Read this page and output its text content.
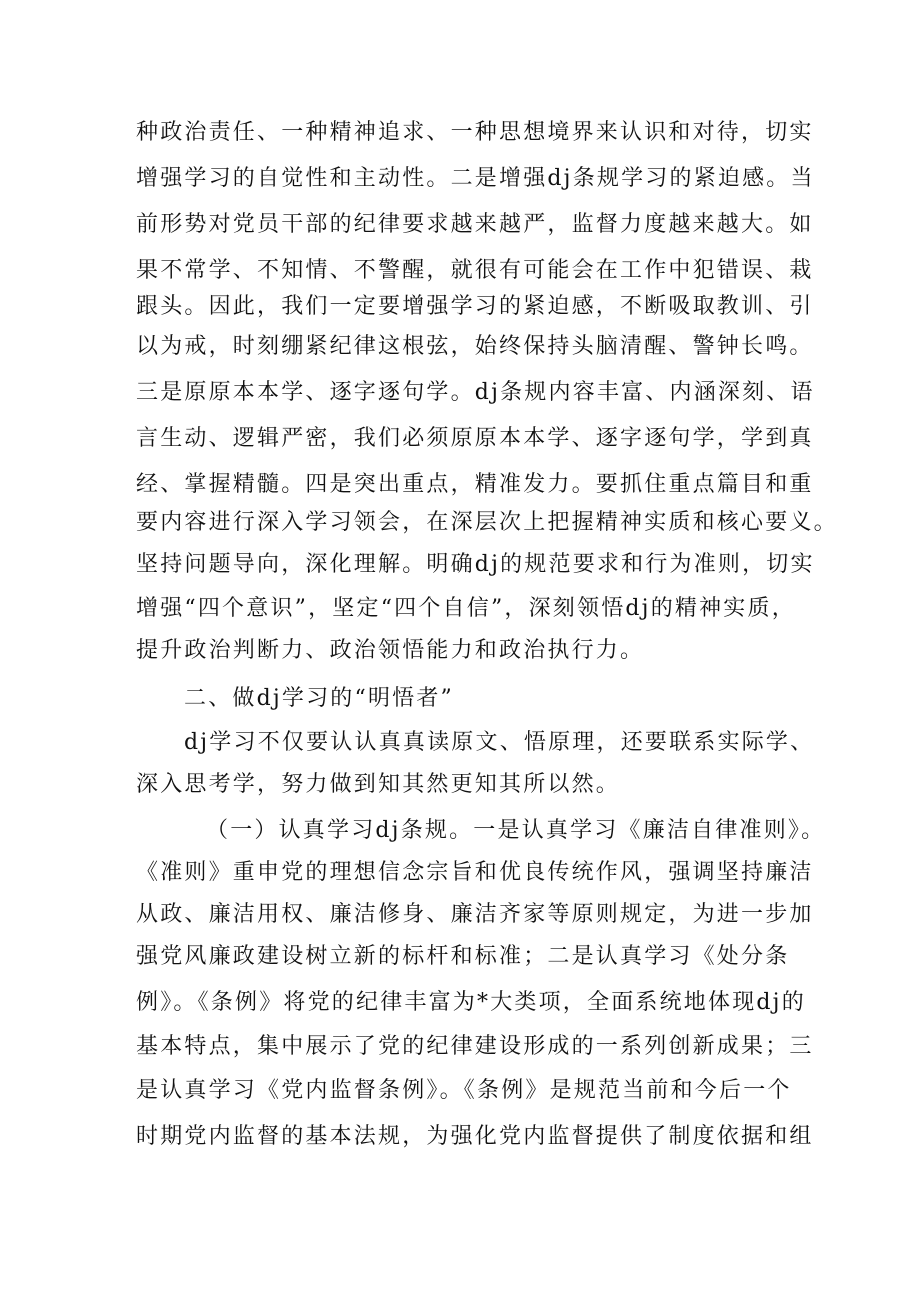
种政治责任、一种精神追求、一种思想境界来认识和对待，切实
增强学习的自觉性和主动性。二是增强dj条规学习的紧迫感。当
前形势对党员干部的纪律要求越来越严，监督力度越来越大。如
果不常学、不知情、不警醒，就很有可能会在工作中犯错误、栽
跟头。因此，我们一定要增强学习的紧迫感，不断吸取教训、引
以为戒，时刻绷紧纪律这根弦，始终保持头脑清醒、警钟长鸣。
三是原原本本学、逐字逐句学。dj条规内容丰富、内涵深刻、语
言生动、逻辑严密，我们必须原原本本学、逐字逐句学，学到真
经、掌握精髓。四是突出重点，精准发力。要抓住重点篇目和重
要内容进行深入学习领会，在深层次上把握精神实质和核心要义。
坚持问题导向，深化理解。明确dj的规范要求和行为准则，切实
增强“四个意识”，坚定“四个自信”，深刻领悟dj的精神实质，
提升政治判断力、政治领悟能力和政治执行力。
二、做dj学习的“明悟者”
dj学习不仅要认认真真读原文、悟原理，还要联系实际学、
深入思考学，努力做到知其然更知其所以然。
（一）认真学习dj条规。一是认真学习《廉洁自律准则》。
《准则》重申党的理想信念宗旨和优良传统作风，强调坚持廉洁
从政、廉洁用权、廉洁修身、廉洁齐家等原则规定，为进一步加
强党风廉政建设树立新的标杆和标准；二是认真学习《处分条
例》。《条例》将党的纪律丰富为*大类项，全面系统地体现dj的
基本特点，集中展示了党的纪律建设形成的一系列创新成果；三
是认真学习《党内监督条例》。《条例》是规范当前和今后一个
时期党内监督的基本法规，为强化党内监督提供了制度依据和组
